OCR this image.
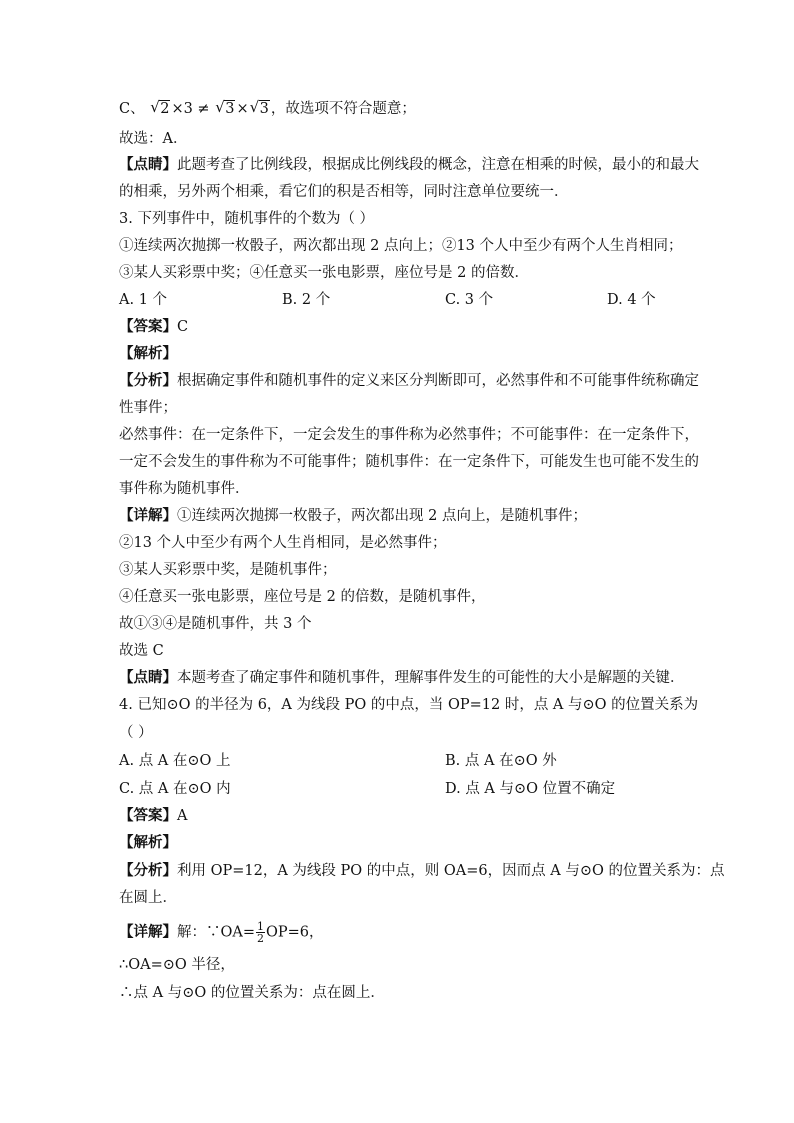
C、 √ 2 ×3 ≠ √ 3 × √ 3 ，故选项不符合题意；
故选：A．
【点睛】此题考查了比例线段，根据成比例线段的概念，注意在相乘的时候，最小的和最大
的相乘，另外两个相乘，看它们的积是否相等，同时注意单位要统一．
3. 下列事件中，随机事件的个数为（ ）
①连续两次抛掷一枚骰子，两次都出现 2 点向上；②13 个人中至少有两个人生肖相同；
③某人买彩票中奖；④任意买一张电影票，座位号是 2 的倍数．
A. 1 个	B. 2 个	C. 3 个	D. 4 个
【答案】C
【解析】
【分析】根据确定事件和随机事件的定义来区分判断即可，必然事件和不可能事件统称确定
性事件；
必然事件：在一定条件下，一定会发生的事件称为必然事件；不可能事件：在一定条件下，
一定不会发生的事件称为不可能事件；随机事件：在一定条件下，可能发生也可能不发生的
事件称为随机事件．
【详解】①连续两次抛掷一枚骰子，两次都出现 2 点向上，是随机事件；
②13 个人中至少有两个人生肖相同，是必然事件；
③某人买彩票中奖，是随机事件；
④任意买一张电影票，座位号是 2 的倍数，是随机事件，
故①③④是随机事件，共 3 个
故选 C
【点睛】本题考查了确定事件和随机事件，理解事件发生的可能性的大小是解题的关键．
4. 已知⊙O 的半径为 6，A 为线段 PO 的中点，当 OP=12 时，点 A 与⊙O 的位置关系为
（ ）
A. 点 A 在⊙O 上	B. 点 A 在⊙O 外
C. 点 A 在⊙O 内	D. 点 A 与⊙O 位置不确定
【答案】A
【解析】
【分析】利用 OP=12，A 为线段 PO 的中点，则 OA=6，因而点 A 与⊙O 的位置关系为：点
在圆上．
【详解】解：∵OA= $\frac{1}{2} OP=6$，
∴OA=⊙O 半径，
∴点 A 与⊙O 的位置关系为：点在圆上．
